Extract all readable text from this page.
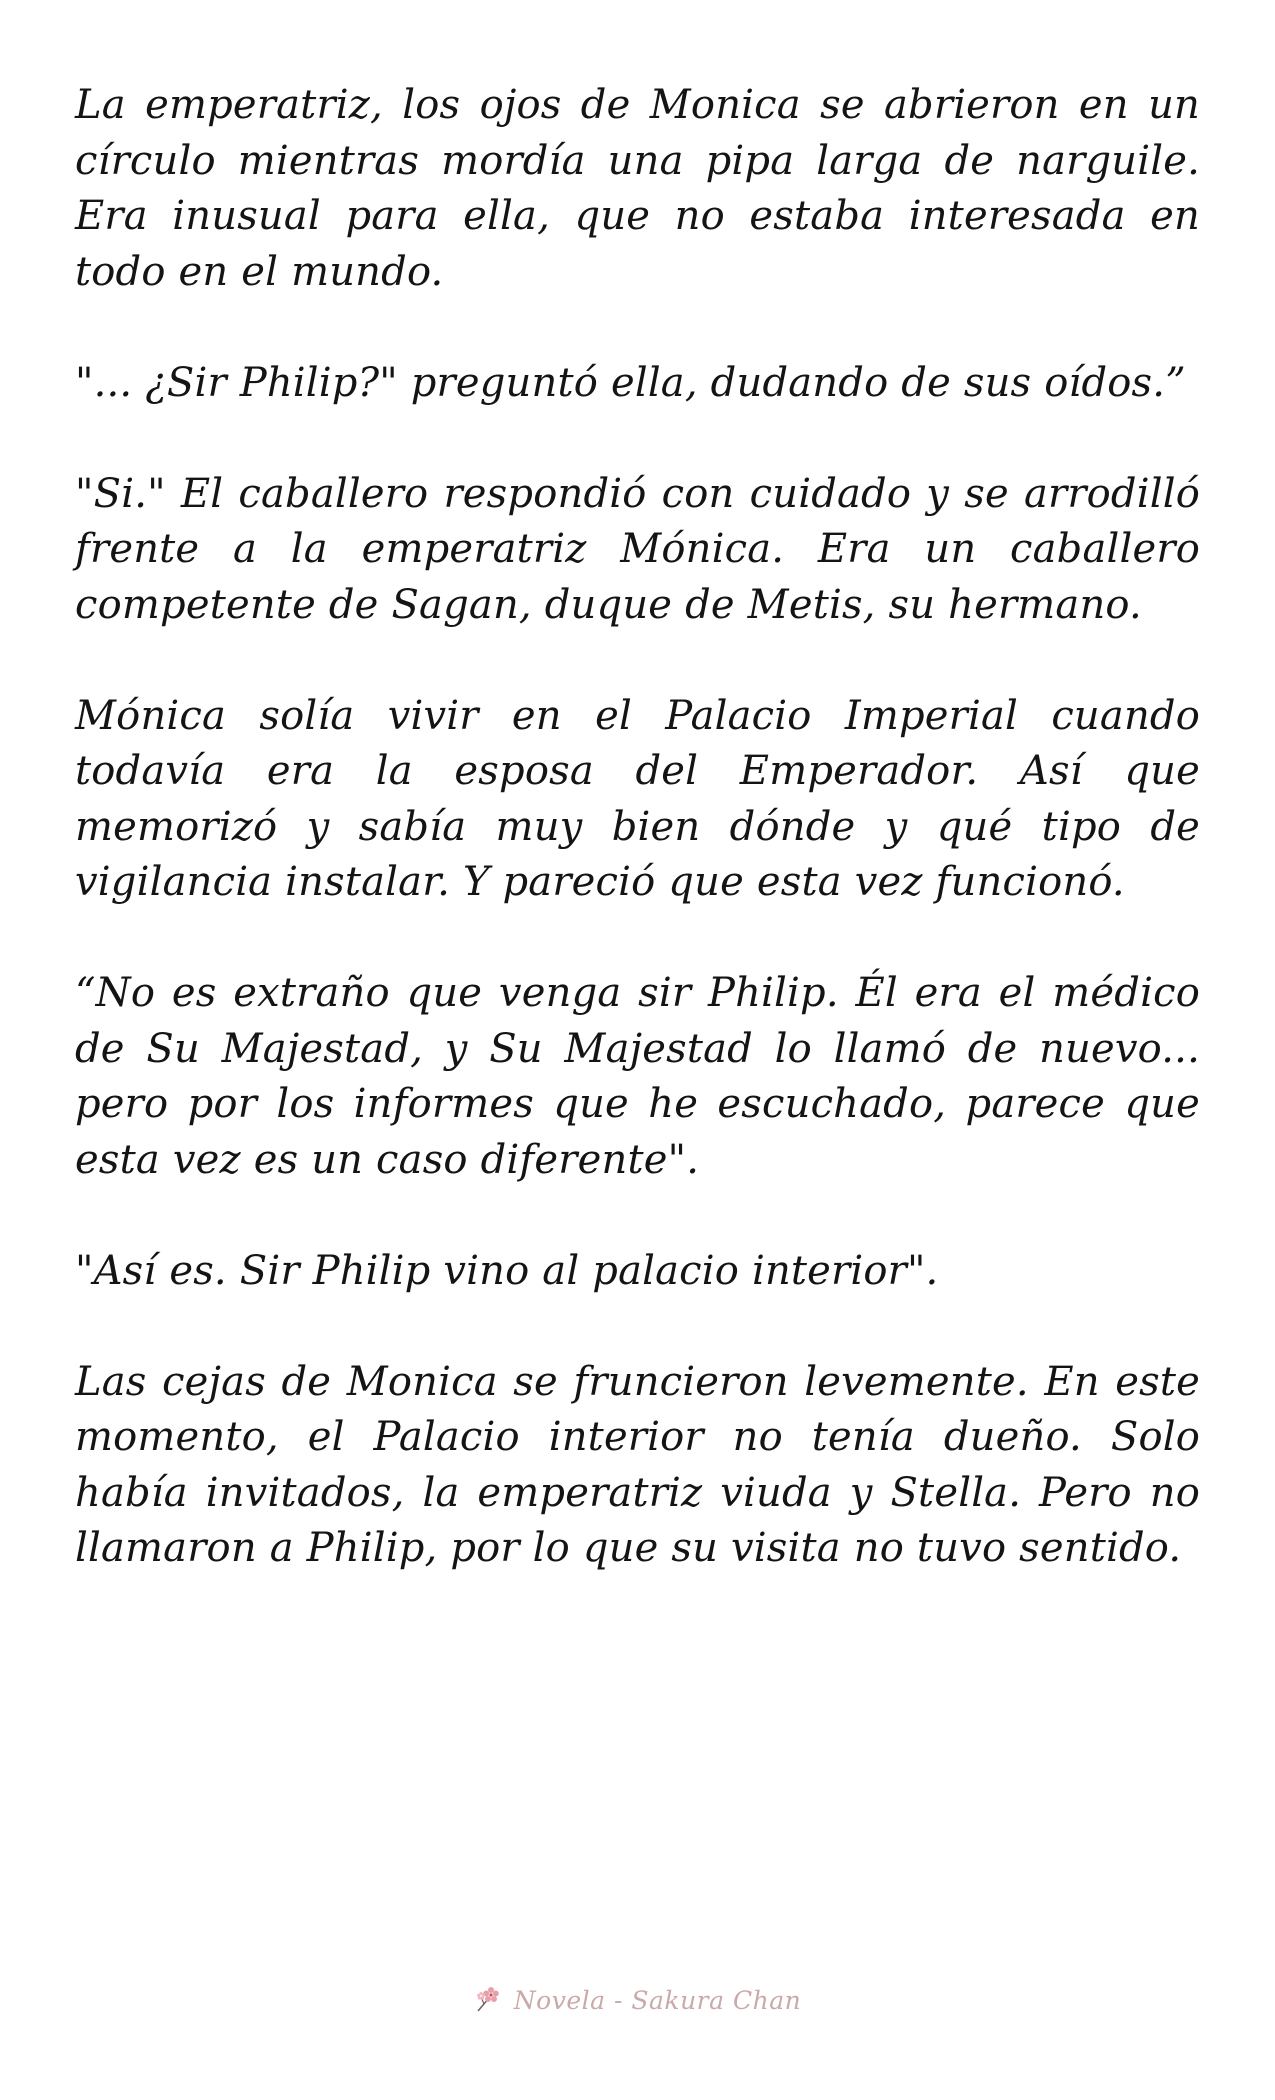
La emperatriz, los ojos de Monica se abrieron en un círculo mientras mordía una pipa larga de narguile. Era inusual para ella, que no estaba interesada en todo en el mundo.

"... ¿Sir Philip?" preguntó ella, dudando de sus oídos.”

"Si." El caballero respondió con cuidado y se arrodilló frente a la emperatriz Mónica. Era un caballero competente de Sagan, duque de Metis, su hermano.

Mónica solía vivir en el Palacio Imperial cuando todavía era la esposa del Emperador. Así que memorizó y sabía muy bien dónde y qué tipo de vigilancia instalar. Y pareció que esta vez funcionó.

“No es extraño que venga sir Philip. Él era el médico de Su Majestad, y Su Majestad lo llamó de nuevo... pero por los informes que he escuchado, parece que esta vez es un caso diferente".

"Así es. Sir Philip vino al palacio interior".

Las cejas de Monica se fruncieron levemente. En este momento, el Palacio interior no tenía dueño. Solo había invitados, la emperatriz viuda y Stella. Pero no llamaron a Philip, por lo que su visita no tuvo sentido.

Novela - Sakura Chan
